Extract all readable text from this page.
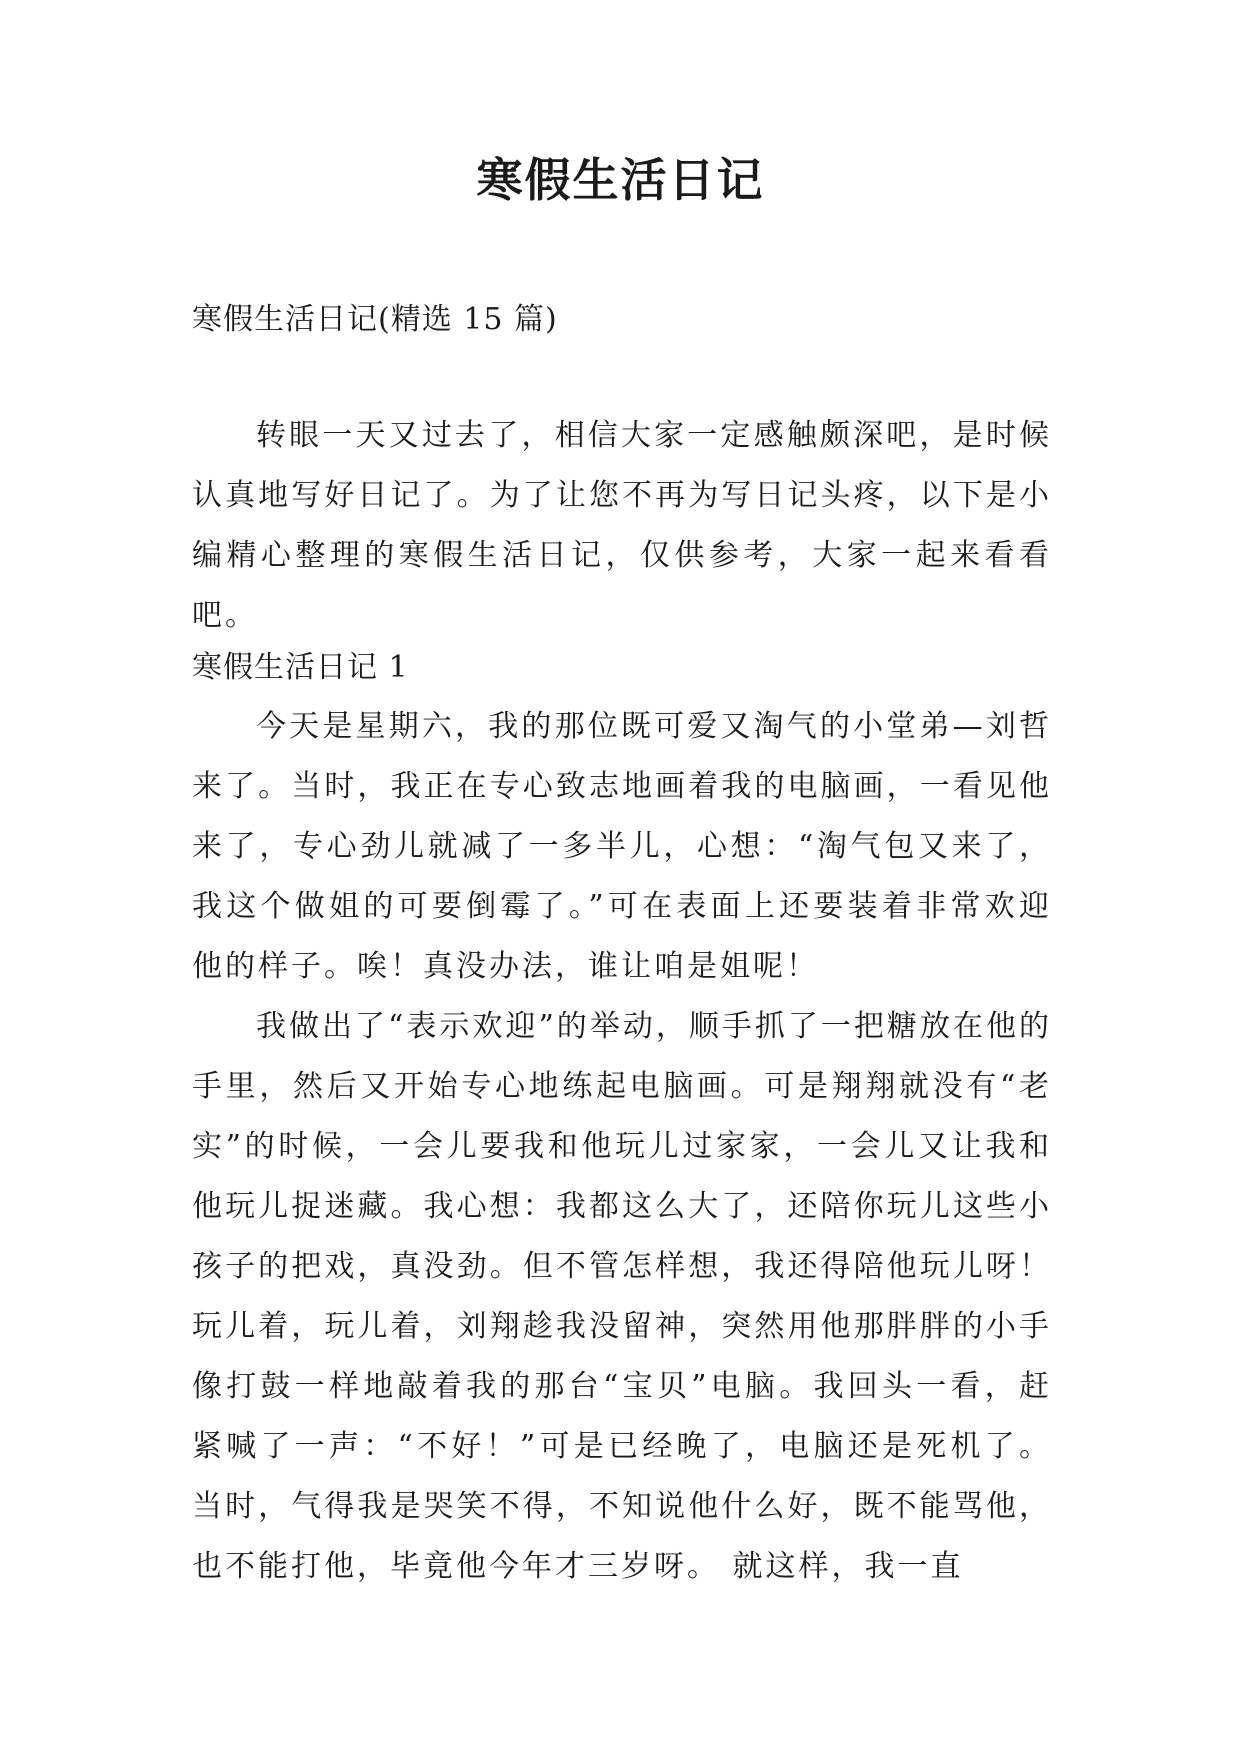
寒假生活日记

寒假生活日记(精选 15 篇)

转眼一天又过去了，相信大家一定感触颇深吧，是时候认真地写好日记了。为了让您不再为写日记头疼，以下是小编精心整理的寒假生活日记，仅供参考，大家一起来看看吧。

寒假生活日记 1

今天是星期六，我的那位既可爱又淘气的小堂弟—刘哲来了。当时，我正在专心致志地画着我的电脑画，一看见他来了，专心劲儿就减了一多半儿，心想：“淘气包又来了，我这个做姐的可要倒霉了。”可在表面上还要装着非常欢迎他的样子。唉！真没办法，谁让咱是姐呢！

我做出了“表示欢迎”的举动，顺手抓了一把糖放在他的手里，然后又开始专心地练起电脑画。可是翔翔就没有“老实”的时候，一会儿要我和他玩儿过家家，一会儿又让我和他玩儿捉迷藏。我心想：我都这么大了，还陪你玩儿这些小孩子的把戏，真没劲。但不管怎样想，我还得陪他玩儿呀！ 玩儿着，玩儿着，刘翔趁我没留神，突然用他那胖胖的小手像打鼓一样地敲着我的那台“宝贝”电脑。我回头一看，赶紧喊了一声：“不好！”可是已经晚了，电脑还是死机了。当时，气得我是哭笑不得，不知说他什么好，既不能骂他，也不能打他，毕竟他今年才三岁呀。 就这样，我一直
